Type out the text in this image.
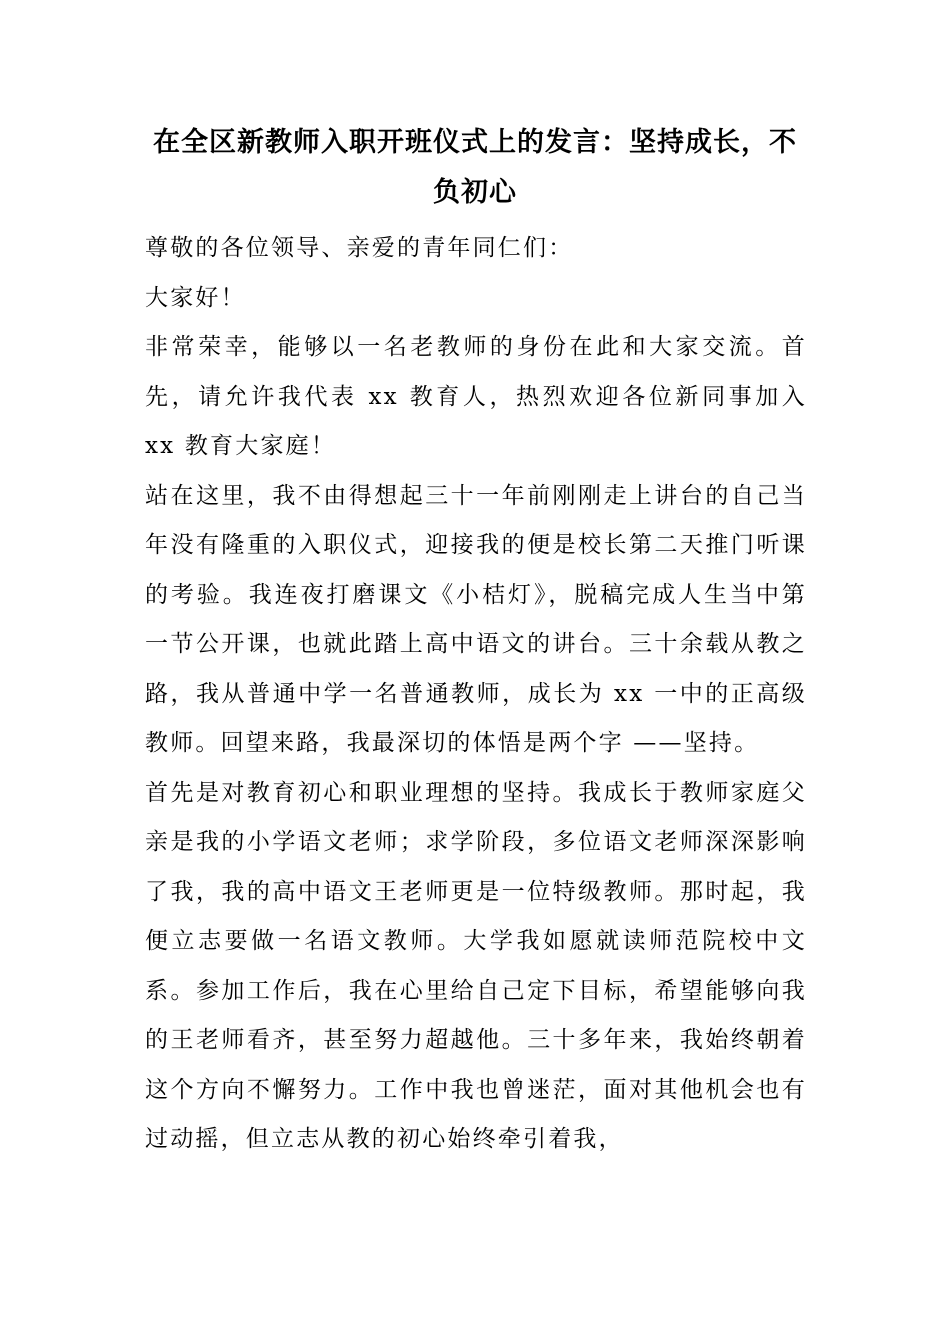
在全区新教师入职开班仪式上的发言：坚持成长，不负初心

尊敬的各位领导、亲爱的青年同仁们：

大家好！

非常荣幸，能够以一名老教师的身份在此和大家交流。首先，请允许我代表 xx 教育人，热烈欢迎各位新同事加入 xx 教育大家庭！

站在这里，我不由得想起三十一年前刚刚走上讲台的自己当年没有隆重的入职仪式，迎接我的便是校长第二天推门听课的考验。我连夜打磨课文《小桔灯》，脱稿完成人生当中第一节公开课，也就此踏上高中语文的讲台。三十余载从教之路，我从普通中学一名普通教师，成长为 xx 一中的正高级教师。回望来路，我最深切的体悟是两个字 ——坚持。

首先是对教育初心和职业理想的坚持。我成长于教师家庭父亲是我的小学语文老师；求学阶段，多位语文老师深深影响了我，我的高中语文王老师更是一位特级教师。那时起，我便立志要做一名语文教师。大学我如愿就读师范院校中文系。参加工作后，我在心里给自己定下目标，希望能够向我的王老师看齐，甚至努力超越他。三十多年来，我始终朝着这个方向不懈努力。工作中我也曾迷茫，面对其他机会也有过动摇，但立志从教的初心始终牵引着我，
